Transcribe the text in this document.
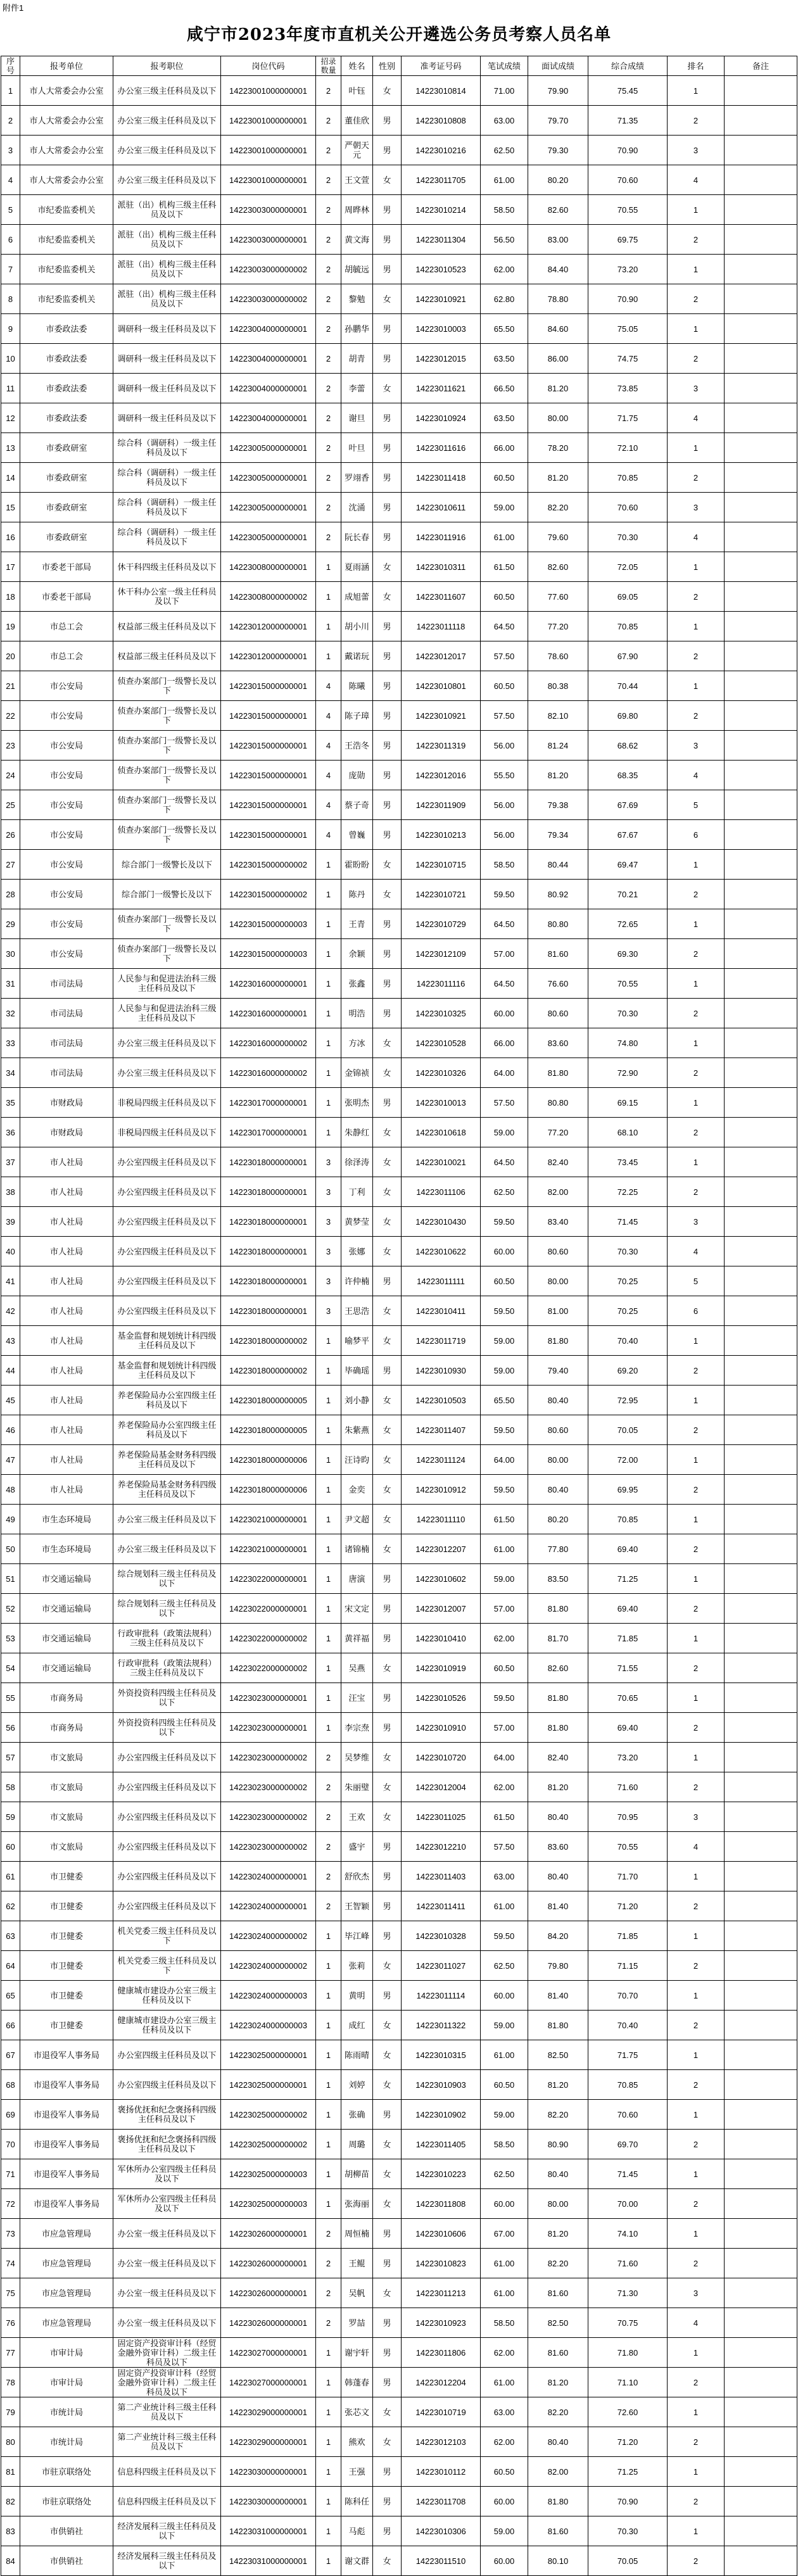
附件1
咸宁市2023年度市直机关公开遴选公务员考察人员名单
序号	报考单位	报考职位	岗位代码	招录数量	姓名	性别	准考证号码	笔试成绩	面试成绩	综合成绩	排名	备注
1	市人大常委会办公室	办公室三级主任科员及以下	14223001000000001	2	叶钰	女	14223010814	71.00	79.90	75.45	1	
2	市人大常委会办公室	办公室三级主任科员及以下	14223001000000001	2	董佳欣	男	14223010808	63.00	79.70	71.35	2	
3	市人大常委会办公室	办公室三级主任科员及以下	14223001000000001	2	严朝天元	男	14223010216	62.50	79.30	70.90	3	
4	市人大常委会办公室	办公室三级主任科员及以下	14223001000000001	2	王文萱	女	14223011705	61.00	80.20	70.60	4	
5	市纪委监委机关	派驻（出）机构三级主任科员及以下	14223003000000001	2	周晔林	男	14223010214	58.50	82.60	70.55	1	
6	市纪委监委机关	派驻（出）机构三级主任科员及以下	14223003000000001	2	黄文海	男	14223011304	56.50	83.00	69.75	2	
7	市纪委监委机关	派驻（出）机构三级主任科员及以下	14223003000000002	2	胡毓远	男	14223010523	62.00	84.40	73.20	1	
8	市纪委监委机关	派驻（出）机构三级主任科员及以下	14223003000000002	2	黎勉	女	14223010921	62.80	78.80	70.90	2	
9	市委政法委	调研科一级主任科员及以下	14223004000000001	2	孙鹏华	男	14223010003	65.50	84.60	75.05	1	
10	市委政法委	调研科一级主任科员及以下	14223004000000001	2	胡青	男	14223012015	63.50	86.00	74.75	2	
11	市委政法委	调研科一级主任科员及以下	14223004000000001	2	李蕾	女	14223011621	66.50	81.20	73.85	3	
12	市委政法委	调研科一级主任科员及以下	14223004000000001	2	谢旦	男	14223010924	63.50	80.00	71.75	4	
13	市委政研室	综合科（调研科）一级主任科员及以下	14223005000000001	2	叶旦	男	14223011616	66.00	78.20	72.10	1	
14	市委政研室	综合科（调研科）一级主任科员及以下	14223005000000001	2	罗翊香	男	14223011418	60.50	81.20	70.85	2	
15	市委政研室	综合科（调研科）一级主任科员及以下	14223005000000001	2	沈涌	男	14223010611	59.00	82.20	70.60	3	
16	市委政研室	综合科（调研科）一级主任科员及以下	14223005000000001	2	阮长春	男	14223011916	61.00	79.60	70.30	4	
17	市委老干部局	休干科四级主任科员及以下	14223008000000001	1	夏雨涵	女	14223010311	61.50	82.60	72.05	1	
18	市委老干部局	休干科办公室一级主任科员及以下	14223008000000002	1	成旭蕾	女	14223011607	60.50	77.60	69.05	2	
19	市总工会	权益部三级主任科员及以下	14223012000000001	1	胡小川	男	14223011118	64.50	77.20	70.85	1	
20	市总工会	权益部三级主任科员及以下	14223012000000001	1	戴诺玩	男	14223012017	57.50	78.60	67.90	2	
21	市公安局	侦查办案部门一级警长及以下	14223015000000001	4	陈曦	男	14223010801	60.50	80.38	70.44	1	
22	市公安局	侦查办案部门一级警长及以下	14223015000000001	4	陈子璋	男	14223010921	57.50	82.10	69.80	2	
23	市公安局	侦查办案部门一级警长及以下	14223015000000001	4	王浩冬	男	14223011319	56.00	81.24	68.62	3	
24	市公安局	侦查办案部门一级警长及以下	14223015000000001	4	庞勋	男	14223012016	55.50	81.20	68.35	4	
25	市公安局	侦查办案部门一级警长及以下	14223015000000001	4	蔡子奇	男	14223011909	56.00	79.38	67.69	5	
26	市公安局	侦查办案部门一级警长及以下	14223015000000001	4	曾巍	男	14223010213	56.00	79.34	67.67	6	
27	市公安局	综合部门一级警长及以下	14223015000000002	1	霍盼盼	女	14223010715	58.50	80.44	69.47	1	
28	市公安局	综合部门一级警长及以下	14223015000000002	1	陈丹	女	14223010721	59.50	80.92	70.21	2	
29	市公安局	侦查办案部门一级警长及以下	14223015000000003	1	王青	男	14223010729	64.50	80.80	72.65	1	
30	市公安局	侦查办案部门一级警长及以下	14223015000000003	1	余颖	男	14223012109	57.00	81.60	69.30	2	
31	市司法局	人民参与和促进法治科三级主任科员及以下	14223016000000001	1	张鑫	男	14223011116	64.50	76.60	70.55	1	
32	市司法局	人民参与和促进法治科三级主任科员及以下	14223016000000001	1	明浩	男	14223010325	60.00	80.60	70.30	2	
33	市司法局	办公室三级主任科员及以下	14223016000000002	1	方冰	女	14223010528	66.00	83.60	74.80	1	
34	市司法局	办公室三级主任科员及以下	14223016000000002	1	金锦祯	女	14223010326	64.00	81.80	72.90	2	
35	市财政局	非税局四级主任科员及以下	14223017000000001	1	张明杰	男	14223010013	57.50	80.80	69.15	1	
36	市财政局	非税局四级主任科员及以下	14223017000000001	1	朱静红	女	14223010618	59.00	77.20	68.10	2	
37	市人社局	办公室四级主任科员及以下	14223018000000001	3	徐泽涛	女	14223010021	64.50	82.40	73.45	1	
38	市人社局	办公室四级主任科员及以下	14223018000000001	3	丁利	女	14223011106	62.50	82.00	72.25	2	
39	市人社局	办公室四级主任科员及以下	14223018000000001	3	黄梦莹	女	14223010430	59.50	83.40	71.45	3	
40	市人社局	办公室四级主任科员及以下	14223018000000001	3	张娜	女	14223010622	60.00	80.60	70.30	4	
41	市人社局	办公室四级主任科员及以下	14223018000000001	3	许仲楠	男	14223011111	60.50	80.00	70.25	5	
42	市人社局	办公室四级主任科员及以下	14223018000000001	3	王思浩	女	14223010411	59.50	81.00	70.25	6	
43	市人社局	基金监督和规划统计科四级主任科员及以下	14223018000000002	1	喻梦平	女	14223011719	59.00	81.80	70.40	1	
44	市人社局	基金监督和规划统计科四级主任科员及以下	14223018000000002	1	毕确瑶	男	14223010930	59.00	79.40	69.20	2	
45	市人社局	养老保险局办公室四级主任科员及以下	14223018000000005	1	刘小静	女	14223010503	65.50	80.40	72.95	1	
46	市人社局	养老保险局办公室四级主任科员及以下	14223018000000005	1	朱紫燕	女	14223011407	59.50	80.60	70.05	2	
47	市人社局	养老保险局基金财务科四级主任科员及以下	14223018000000006	1	汪诗昀	女	14223011124	64.00	80.00	72.00	1	
48	市人社局	养老保险局基金财务科四级主任科员及以下	14223018000000006	1	金奕	女	14223010912	59.50	80.40	69.95	2	
49	市生态环境局	办公室三级主任科员及以下	14223021000000001	1	尹文超	女	14223011110	61.50	80.20	70.85	1	
50	市生态环境局	办公室三级主任科员及以下	14223021000000001	1	诸锦楠	女	14223012207	61.00	77.80	69.40	2	
51	市交通运输局	综合规划科三级主任科员及以下	14223022000000001	1	唐演	男	14223010602	59.00	83.50	71.25	1	
52	市交通运输局	综合规划科三级主任科员及以下	14223022000000001	1	宋文定	男	14223012007	57.00	81.80	69.40	2	
53	市交通运输局	行政审批科（政策法规科）三级主任科员及以下	14223022000000002	1	黄祥福	男	14223010410	62.00	81.70	71.85	1	
54	市交通运输局	行政审批科（政策法规科）三级主任科员及以下	14223022000000002	1	吴燕	女	14223010919	60.50	82.60	71.55	2	
55	市商务局	外资投资科四级主任科员及以下	14223023000000001	1	汪宝	男	14223010526	59.50	81.80	70.65	1	
56	市商务局	外资投资科四级主任科员及以下	14223023000000001	1	李宗焘	男	14223010910	57.00	81.80	69.40	2	
57	市文旅局	办公室四级主任科员及以下	14223023000000002	2	吴梦维	女	14223010720	64.00	82.40	73.20	1	
58	市文旅局	办公室四级主任科员及以下	14223023000000002	2	朱丽璧	女	14223012004	62.00	81.20	71.60	2	
59	市文旅局	办公室四级主任科员及以下	14223023000000002	2	王欢	女	14223011025	61.50	80.40	70.95	3	
60	市文旅局	办公室四级主任科员及以下	14223023000000002	2	盛宇	男	14223012210	57.50	83.60	70.55	4	
61	市卫健委	办公室四级主任科员及以下	14223024000000001	2	舒欣杰	男	14223011403	63.00	80.40	71.70	1	
62	市卫健委	办公室四级主任科员及以下	14223024000000001	2	王智颖	男	14223011411	61.00	81.40	71.20	2	
63	市卫健委	机关党委三级主任科员及以下	14223024000000002	1	毕江峰	男	14223010328	59.50	84.20	71.85	1	
64	市卫健委	机关党委三级主任科员及以下	14223024000000002	1	张莉	女	14223011027	62.50	79.80	71.15	2	
65	市卫健委	健康城市建设办公室三级主任科员及以下	14223024000000003	1	黄明	男	14223011114	60.00	81.40	70.70	1	
66	市卫健委	健康城市建设办公室三级主任科员及以下	14223024000000003	1	成红	女	14223011322	59.00	81.80	70.40	2	
67	市退役军人事务局	办公室四级主任科员及以下	14223025000000001	1	陈雨晴	女	14223010315	61.00	82.50	71.75	1	
68	市退役军人事务局	办公室四级主任科员及以下	14223025000000001	1	刘婷	女	14223010903	60.50	81.20	70.85	2	
69	市退役军人事务局	褒扬优抚和纪念褒扬科四级主任科员及以下	14223025000000002	1	张确	男	14223010902	59.00	82.20	70.60	1	
70	市退役军人事务局	褒扬优抚和纪念褒扬科四级主任科员及以下	14223025000000002	1	周璐	女	14223011405	58.50	80.90	69.70	2	
71	市退役军人事务局	军休所办公室四级主任科员及以下	14223025000000003	1	胡柳苗	女	14223010223	62.50	80.40	71.45	1	
72	市退役军人事务局	军休所办公室四级主任科员及以下	14223025000000003	1	张海丽	女	14223011808	60.00	80.00	70.00	2	
73	市应急管理局	办公室一级主任科员及以下	14223026000000001	2	周恒楠	男	14223010606	67.00	81.20	74.10	1	
74	市应急管理局	办公室一级主任科员及以下	14223026000000001	2	王鲲	男	14223010823	61.00	82.20	71.60	2	
75	市应急管理局	办公室一级主任科员及以下	14223026000000001	2	吴帆	女	14223011213	61.00	81.60	71.30	3	
76	市应急管理局	办公室一级主任科员及以下	14223026000000001	2	罗喆	男	14223010923	58.50	82.50	70.75	4	
77	市审计局	固定资产投资审计科（经贸金融外资审计科）二级主任科员及以下	14223027000000001	1	谢宇轩	男	14223011806	62.00	81.60	71.80	1	
78	市审计局	固定资产投资审计科（经贸金融外资审计科）二级主任科员及以下	14223027000000001	1	韩蓬春	男	14223012204	61.00	81.20	71.10	2	
79	市统计局	第二产业统计科三级主任科员及以下	14223029000000001	1	张芯文	女	14223010719	63.00	82.20	72.60	1	
80	市统计局	第二产业统计科三级主任科员及以下	14223029000000001	1	熊欢	女	14223012103	62.00	80.40	71.20	2	
81	市驻京联络处	信息科四级主任科员及以下	14223030000000001	1	王强	男	14223010112	60.50	82.00	71.25	1	
82	市驻京联络处	信息科四级主任科员及以下	14223030000000001	1	陈科任	男	14223011708	60.00	81.80	70.90	2	
83	市供销社	经济发展科三级主任科员及以下	14223031000000001	1	马彪	男	14223010306	59.00	81.60	70.30	1	
84	市供销社	经济发展科三级主任科员及以下	14223031000000001	1	谢文群	女	14223011510	60.00	80.10	70.05	2	
